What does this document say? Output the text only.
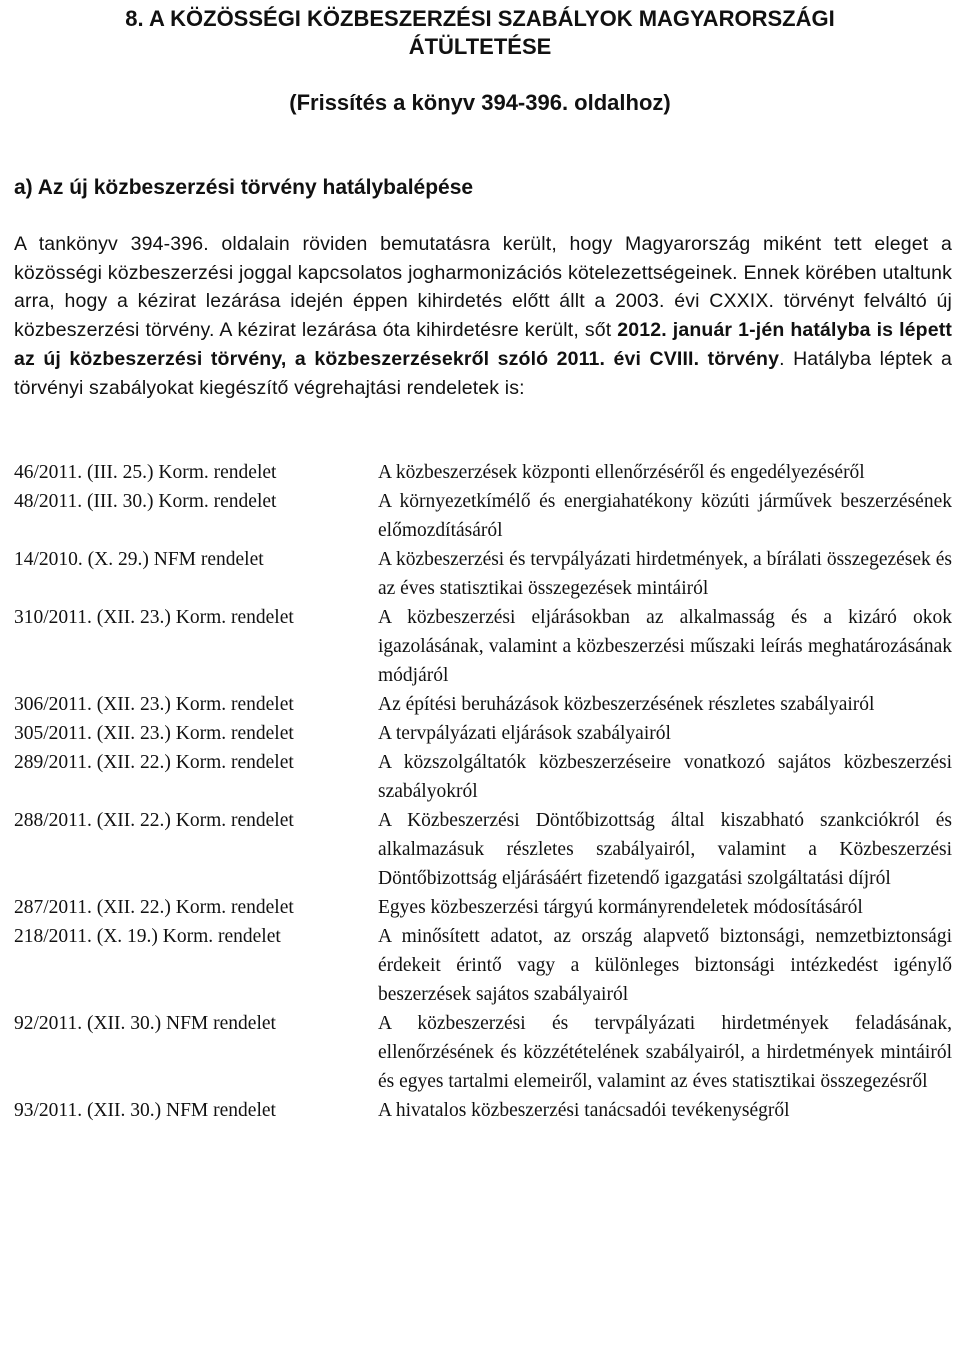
8. A KÖZÖSSÉGI KÖZBESZERZÉSI SZABÁLYOK MAGYARORSZÁGI
ÁTÜLTETÉSE
(Frissítés a könyv 394-396. oldalhoz)
a) Az új közbeszerzési törvény hatálybalépése

A tankönyv 394-396. oldalain röviden bemutatásra került, hogy Magyarország miként tett eleget a közösségi közbeszerzési joggal kapcsolatos jogharmonizációs kötelezettségeinek. Ennek körében utaltunk arra, hogy a kézirat lezárása idején éppen kihirdetés előtt állt a 2003. évi CXXIX. törvényt felváltó új közbeszerzési törvény. A kézirat lezárása óta kihirdetésre került, sőt 2012. január 1-jén hatályba is lépett az új közbeszerzési törvény, a közbeszerzésekről szóló 2011. évi CVIII. törvény. Hatályba léptek a törvényi szabályokat kiegészítő végrehajtási rendeletek is:

46/2011. (III. 25.) Korm. rendelet	A közbeszerzések központi ellenőrzéséről és engedélyezéséről
48/2011. (III. 30.) Korm. rendelet	A környezetkímélő és energiahatékony közúti járművek beszerzésének előmozdításáról
14/2010. (X. 29.) NFM rendelet	A közbeszerzési és tervpályázati hirdetmények, a bírálati összegezések és az éves statisztikai összegezések mintáiról
310/2011. (XII. 23.) Korm. rendelet	A közbeszerzési eljárásokban az alkalmasság és a kizáró okok igazolásának, valamint a közbeszerzési műszaki leírás meghatározásának módjáról
306/2011. (XII. 23.) Korm. rendelet	Az építési beruházások közbeszerzésének részletes szabályairól
305/2011. (XII. 23.) Korm. rendelet	A tervpályázati eljárások szabályairól
289/2011. (XII. 22.) Korm. rendelet	A közszolgáltatók közbeszerzéseire vonatkozó sajátos közbeszerzési szabályokról
288/2011. (XII. 22.) Korm. rendelet	A Közbeszerzési Döntőbizottság által kiszabható szankciókról és alkalmazásuk részletes szabályairól, valamint a Közbeszerzési Döntőbizottság eljárásáért fizetendő igazgatási szolgáltatási díjról
287/2011. (XII. 22.) Korm. rendelet	Egyes közbeszerzési tárgyú kormányrendeletek módosításáról
218/2011. (X. 19.) Korm. rendelet	A minősített adatot, az ország alapvető biztonsági, nemzetbiztonsági érdekeit érintő vagy a különleges biztonsági intézkedést igénylő beszerzések sajátos szabályairól
92/2011. (XII. 30.) NFM rendelet	A közbeszerzési és tervpályázati hirdetmények feladásának, ellenőrzésének és közzétételének szabályairól, a hirdetmények mintáiról és egyes tartalmi elemeiről, valamint az éves statisztikai összegezésről
93/2011. (XII. 30.) NFM rendelet	A hivatalos közbeszerzési tanácsadói tevékenységről
